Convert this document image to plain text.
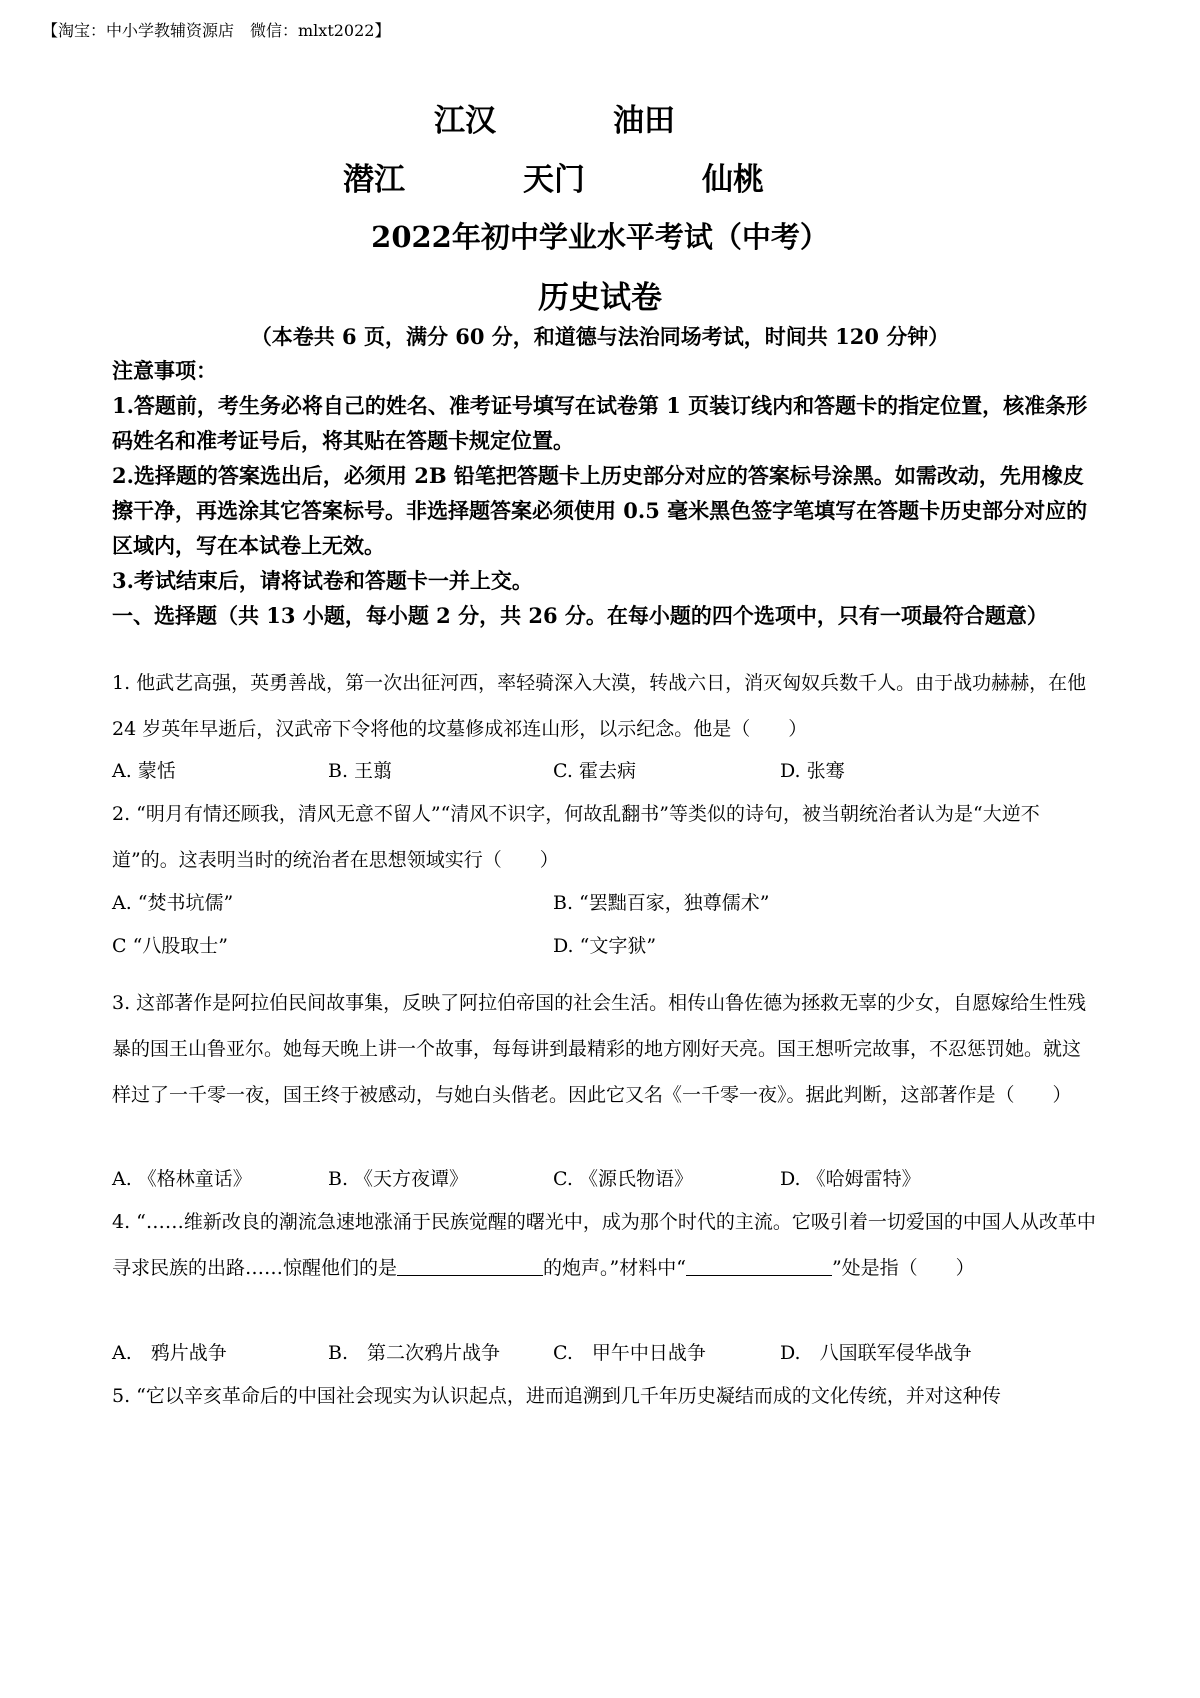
【淘宝：中小学教辅资源店　微信：mlxt2022】
江汉	油田
潜江	天门	仙桃
2022年初中学业水平考试（中考）
历史试卷
（本卷共 6 页，满分 60 分，和道德与法治同场考试，时间共 120 分钟）

注意事项：

1.答题前，考生务必将自己的姓名、准考证号填写在试卷第 1 页装订线内和答题卡的指定位置，核准条形码姓名和准考证号后，将其贴在答题卡规定位置。

2.选择题的答案选出后，必须用 2B 铅笔把答题卡上历史部分对应的答案标号涂黑。如需改动，先用橡皮擦干净，再选涂其它答案标号。非选择题答案必须使用 0.5 毫米黑色签字笔填写在答题卡历史部分对应的区域内，写在本试卷上无效。

3.考试结束后，请将试卷和答题卡一并上交。

一、选择题（共 13 小题，每小题 2 分，共 26 分。在每小题的四个选项中，只有一项最符合题意）

1. 他武艺高强，英勇善战，第一次出征河西，率轻骑深入大漠，转战六日，消灭匈奴兵数千人。由于战功赫赫，在他 24 岁英年早逝后，汉武帝下令将他的坟墓修成祁连山形，以示纪念。他是（　　）

A. 蒙恬	B. 王翦	C. 霍去病	D. 张骞

2. “明月有情还顾我，清风无意不留人”“清风不识字，何故乱翻书”等类似的诗句，被当朝统治者认为是“大逆不道”的。这表明当时的统治者在思想领域实行（　　）

A. “焚书坑儒”	B. “罢黜百家，独尊儒术”
C “八股取士”	D. “文字狱”

3. 这部著作是阿拉伯民间故事集，反映了阿拉伯帝国的社会生活。相传山鲁佐德为拯救无辜的少女，自愿嫁给生性残暴的国王山鲁亚尔。她每天晚上讲一个故事，每每讲到最精彩的地方刚好天亮。国王想听完故事，不忍惩罚她。就这样过了一千零一夜，国王终于被感动，与她白头偕老。因此它又名《一千零一夜》。据此判断，这部著作是（　　）

A. 《格林童话》	B. 《天方夜谭》	C. 《源氏物语》	D. 《哈姆雷特》

4. “……维新改良的潮流急速地涨涌于民族觉醒的曙光中，成为那个时代的主流。它吸引着一切爱国的中国人从改革中寻求民族的出路……惊醒他们的是	的炮声。”材料中“	”处是指（　　）

A.　鸦片战争	B.　第二次鸦片战争	C.　甲午中日战争	D.　八国联军侵华战争

5. “它以辛亥革命后的中国社会现实为认识起点，进而追溯到几千年历史凝结而成的文化传统，并对这种传
